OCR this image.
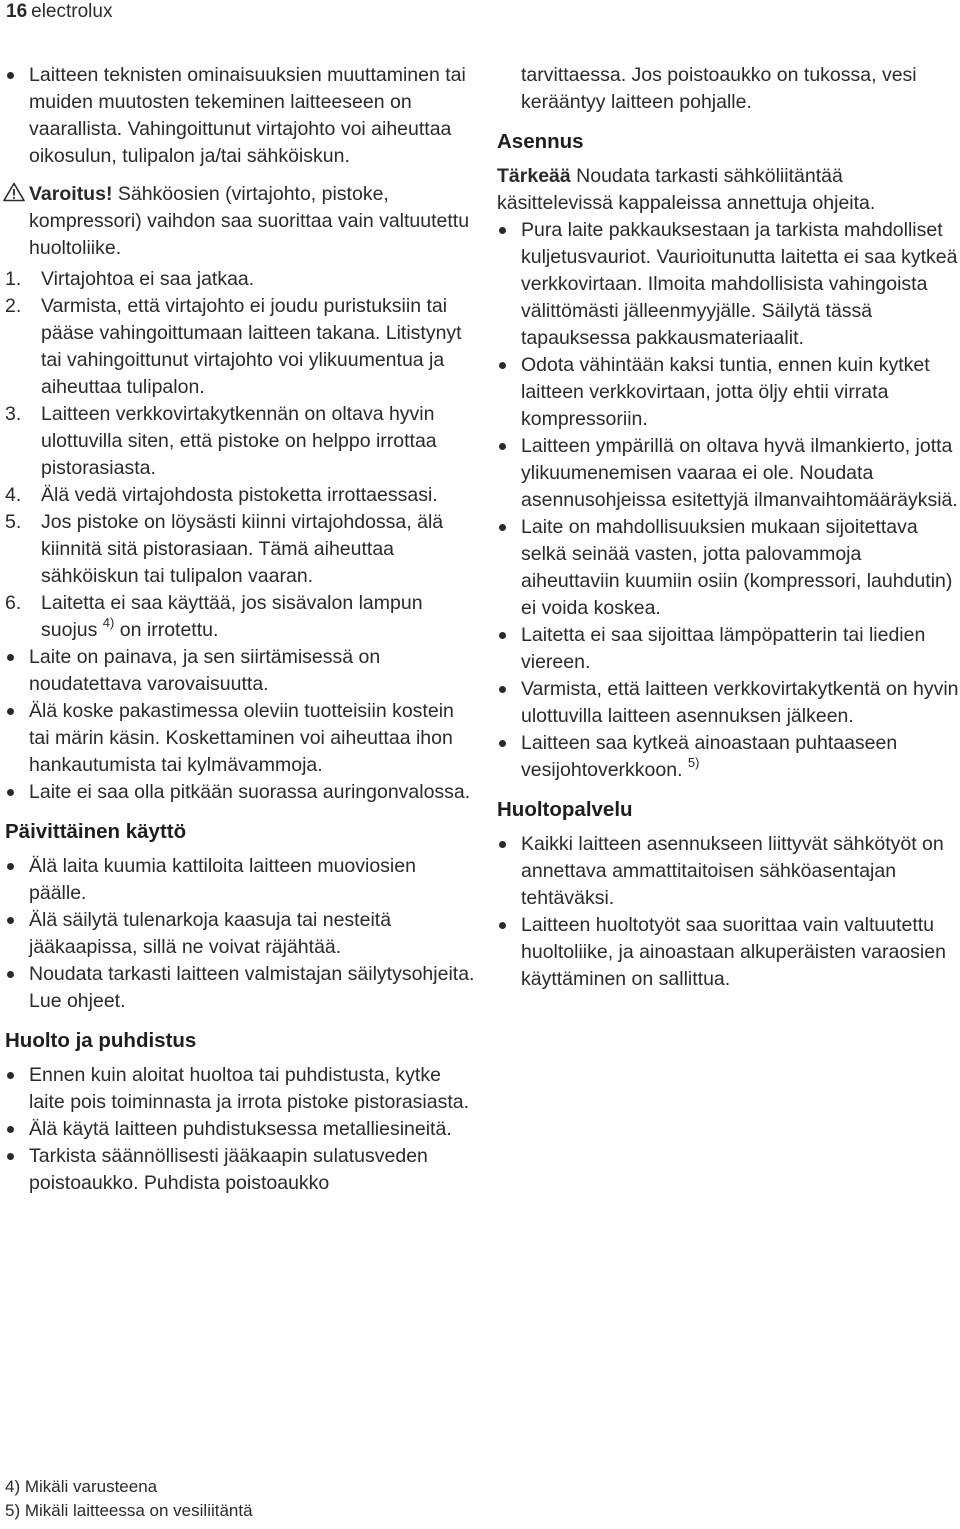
16 electrolux
Laitteen teknisten ominaisuuksien muuttaminen tai muiden muutosten tekeminen laitteeseen on vaarallista. Vahingoittunut virtajohto voi aiheuttaa oikosulun, tulipalon ja/tai sähköiskun.
Varoitus! Sähköosien (virtajohto, pistoke, kompressori) vaihdon saa suorittaa vain valtuutettu huoltoliike.
1. Virtajohtoa ei saa jatkaa.
2. Varmista, että virtajohto ei joudu puristuksiin tai pääse vahingoittumaan laitteen takana. Litistynyt tai vahingoittunut virtajohto voi ylikuumentua ja aiheuttaa tulipalon.
3. Laitteen verkkovirtakytkennän on oltava hyvin ulottuvilla siten, että pistoke on helppo irrottaa pistorasiasta.
4. Älä vedä virtajohdosta pistoketta irrottaessasi.
5. Jos pistoke on löysästi kiinni virtajohdossa, älä kiinnitä sitä pistorasiaan. Tämä aiheuttaa sähköiskun tai tulipalon vaaran.
6. Laitetta ei saa käyttää, jos sisävalon lampun suojus $^{4)}$ on irrotettu.
Laite on painava, ja sen siirtämisessä on noudatettava varovaisuutta.
Älä koske pakastimessa oleviin tuotteisiin kostein tai märin käsin. Koskettaminen voi aiheuttaa ihon hankautumista tai kylmävammoja.
Laite ei saa olla pitkään suorassa auringonvalossa.
Päivittäinen käyttö
Älä laita kuumia kattiloita laitteen muoviosien päälle.
Älä säilytä tulenarkoja kaasuja tai nesteitä jääkaapissa, sillä ne voivat räjähtää.
Noudata tarkasti laitteen valmistajan säilytysohjeita. Lue ohjeet.
Huolto ja puhdistus
Ennen kuin aloitat huoltoa tai puhdistusta, kytke laite pois toiminnasta ja irrota pistoke pistorasiasta.
Älä käytä laitteen puhdistuksessa metalliesineitä.
Tarkista säännöllisesti jääkaapin sulatusveden poistoaukko. Puhdista poistoaukko

tarvittaessa. Jos poistoaukko on tukossa, vesi kerääntyy laitteen pohjalle.

Asennus

Tärkeää Noudata tarkasti sähköliitäntää käsittelevissä kappaleissa annettuja ohjeita.

Pura laite pakkauksestaan ja tarkista mahdolliset kuljetusvauriot. Vaurioitunutta laitetta ei saa kytkeä verkkovirtaan. Ilmoita mahdollisista vahingoista välittömästi jälleenmyyjälle. Säilytä tässä tapauksessa pakkausmateriaalit.
Odota vähintään kaksi tuntia, ennen kuin kytket laitteen verkkovirtaan, jotta öljy ehtii virrata kompressoriin.
Laitteen ympärillä on oltava hyvä ilmankierto, jotta ylikuumenemisen vaaraa ei ole. Noudata asennusohjeissa esitettyjä ilmanvaihtomääräyksiä.
Laite on mahdollisuuksien mukaan sijoitettava selkä seinää vasten, jotta palovammoja aiheuttaviin kuumiin osiin (kompressori, lauhdutin) ei voida koskea.
Laitetta ei saa sijoittaa lämpöpatterin tai liedien viereen.
Varmista, että laitteen verkkovirtakytkentä on hyvin ulottuvilla laitteen asennuksen jälkeen.
Laitteen saa kytkeä ainoastaan puhtaaseen vesijohtoverkkoon. $^{5)}$
Huoltopalvelu
Kaikki laitteen asennukseen liittyvät sähkötyöt on annettava ammattitaitoisen sähköasentajan tehtäväksi.
Laitteen huoltotyöt saa suorittaa vain valtuutettu huoltoliike, ja ainoastaan alkuperäisten varaosien käyttäminen on sallittua.
4) Mikäli varusteena
5) Mikäli laitteessa on vesiliitäntä
